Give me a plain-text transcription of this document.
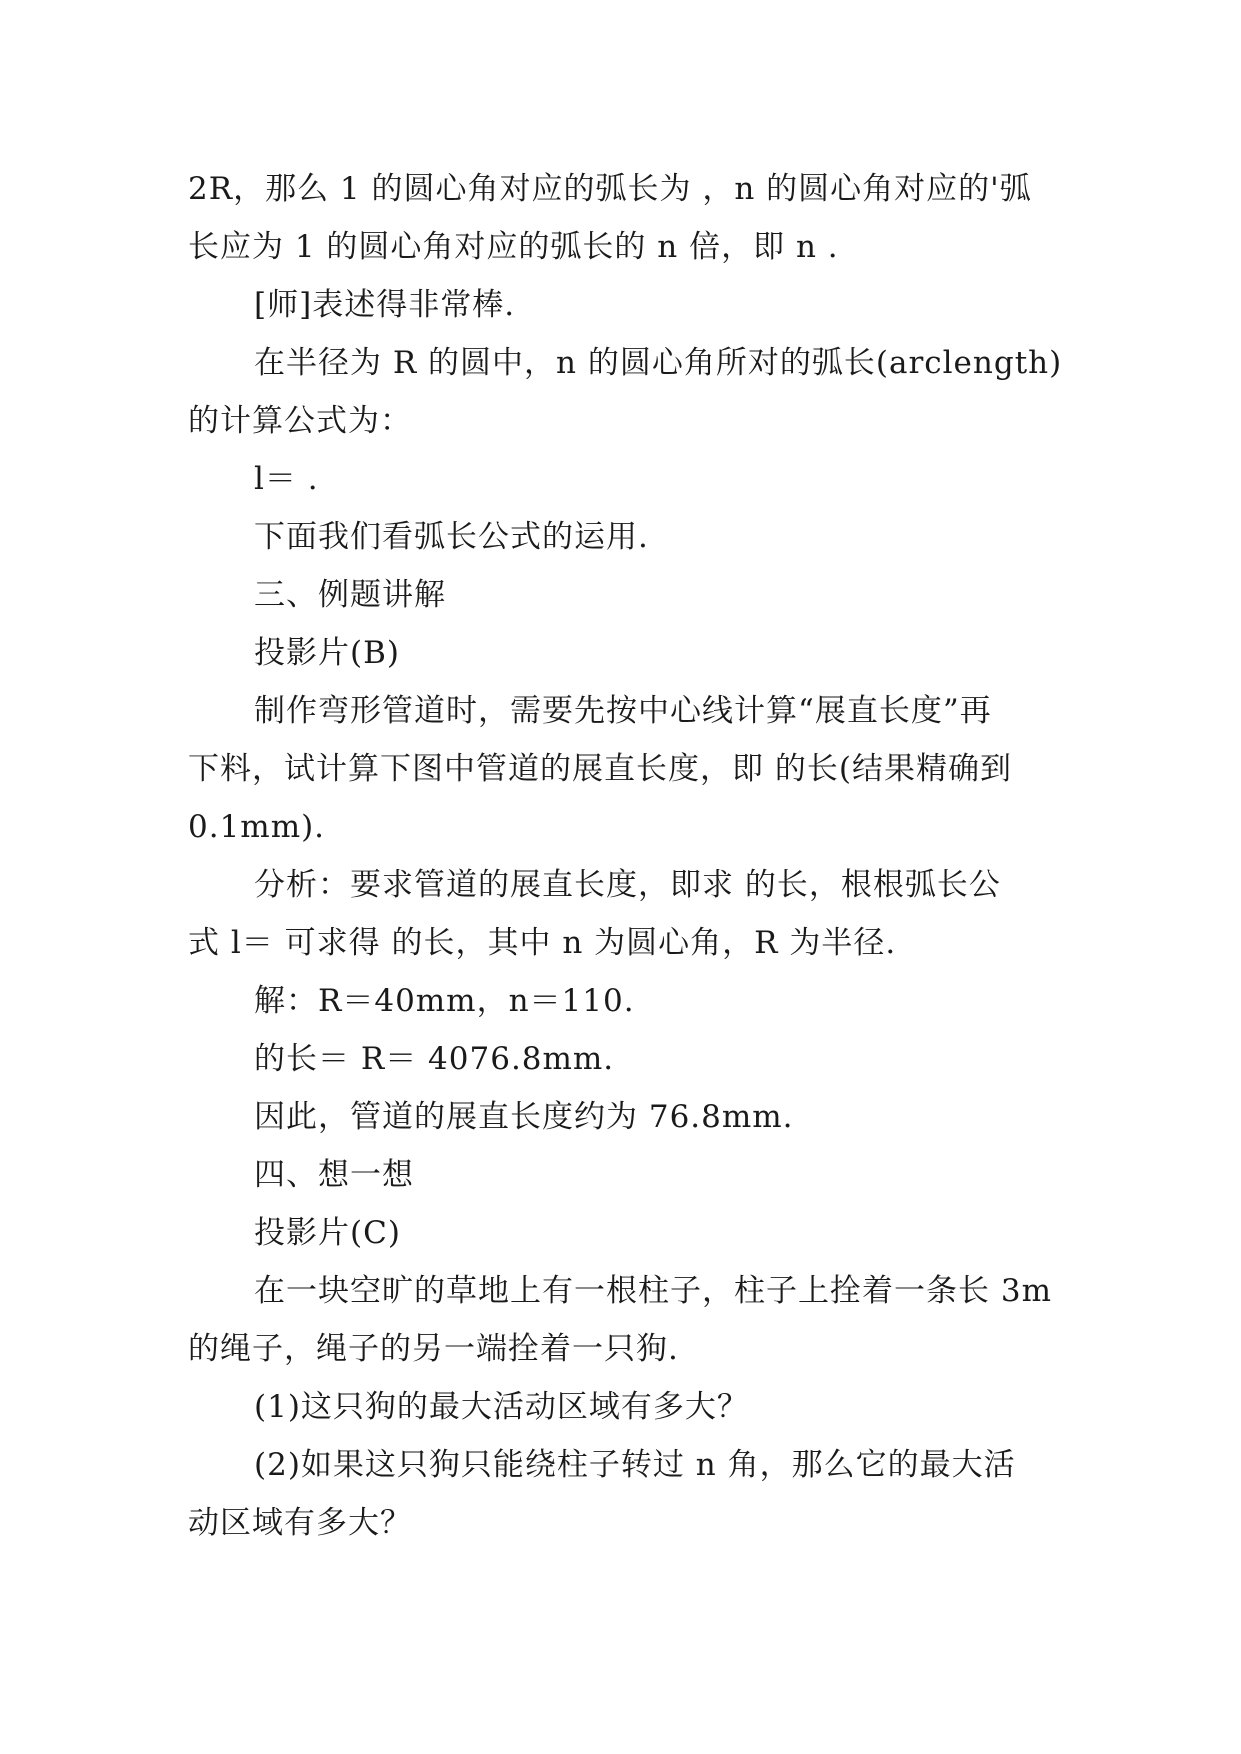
2R，那么 1 的圆心角对应的弧长为 ，n 的圆心角对应的'弧
长应为 1 的圆心角对应的弧长的 n 倍，即 n .
[师]表述得非常棒.
在半径为 R 的圆中，n 的圆心角所对的弧长(arclength)
的计算公式为：
l＝ .
下面我们看弧长公式的运用.
三、例题讲解
投影片(B)
制作弯形管道时，需要先按中心线计算“展直长度”再
下料，试计算下图中管道的展直长度，即 的长(结果精确到
0.1mm).
分析：要求管道的展直长度，即求 的长，根根弧长公
式 l＝ 可求得 的长，其中 n 为圆心角，R 为半径.
解：R＝40mm，n＝110.
的长＝ R＝ 4076.8mm.
因此，管道的展直长度约为 76.8mm.
四、想一想
投影片(C)
在一块空旷的草地上有一根柱子，柱子上拴着一条长 3m
的绳子，绳子的另一端拴着一只狗.
(1)这只狗的最大活动区域有多大？
(2)如果这只狗只能绕柱子转过 n 角，那么它的最大活
动区域有多大？
